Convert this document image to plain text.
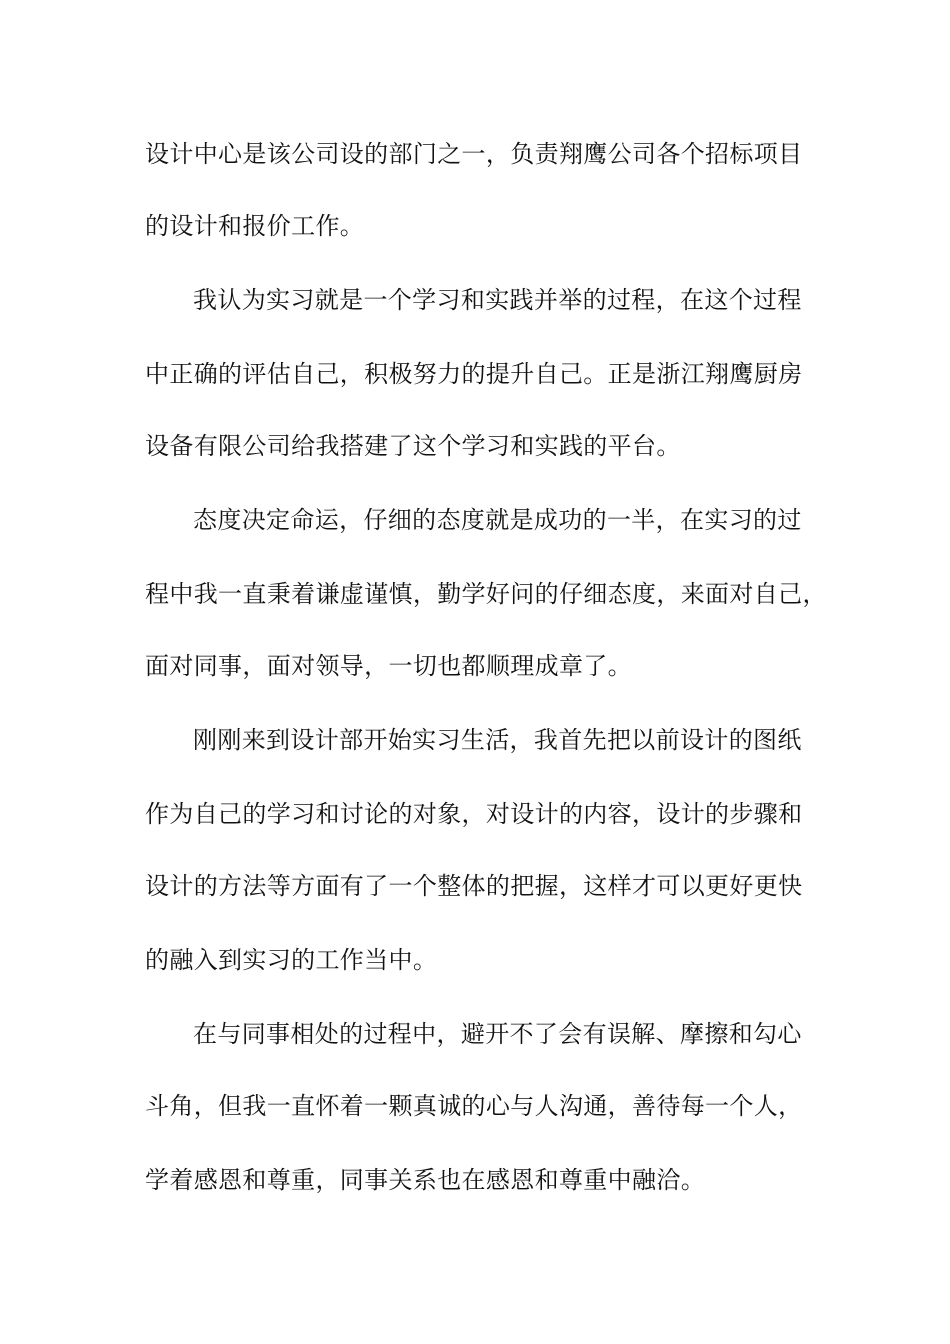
设计中心是该公司设的部门之一，负责翔鹰公司各个招标项目
的设计和报价工作。
我认为实习就是一个学习和实践并举的过程，在这个过程
中正确的评估自己，积极努力的提升自己。正是浙江翔鹰厨房
设备有限公司给我搭建了这个学习和实践的平台。
态度决定命运，仔细的态度就是成功的一半，在实习的过
程中我一直秉着谦虚谨慎，勤学好问的仔细态度，来面对自己，
面对同事，面对领导，一切也都顺理成章了。
刚刚来到设计部开始实习生活，我首先把以前设计的图纸
作为自己的学习和讨论的对象，对设计的内容，设计的步骤和
设计的方法等方面有了一个整体的把握，这样才可以更好更快
的融入到实习的工作当中。
在与同事相处的过程中，避开不了会有误解、摩擦和勾心
斗角，但我一直怀着一颗真诚的心与人沟通，善待每一个人，
学着感恩和尊重，同事关系也在感恩和尊重中融洽。
